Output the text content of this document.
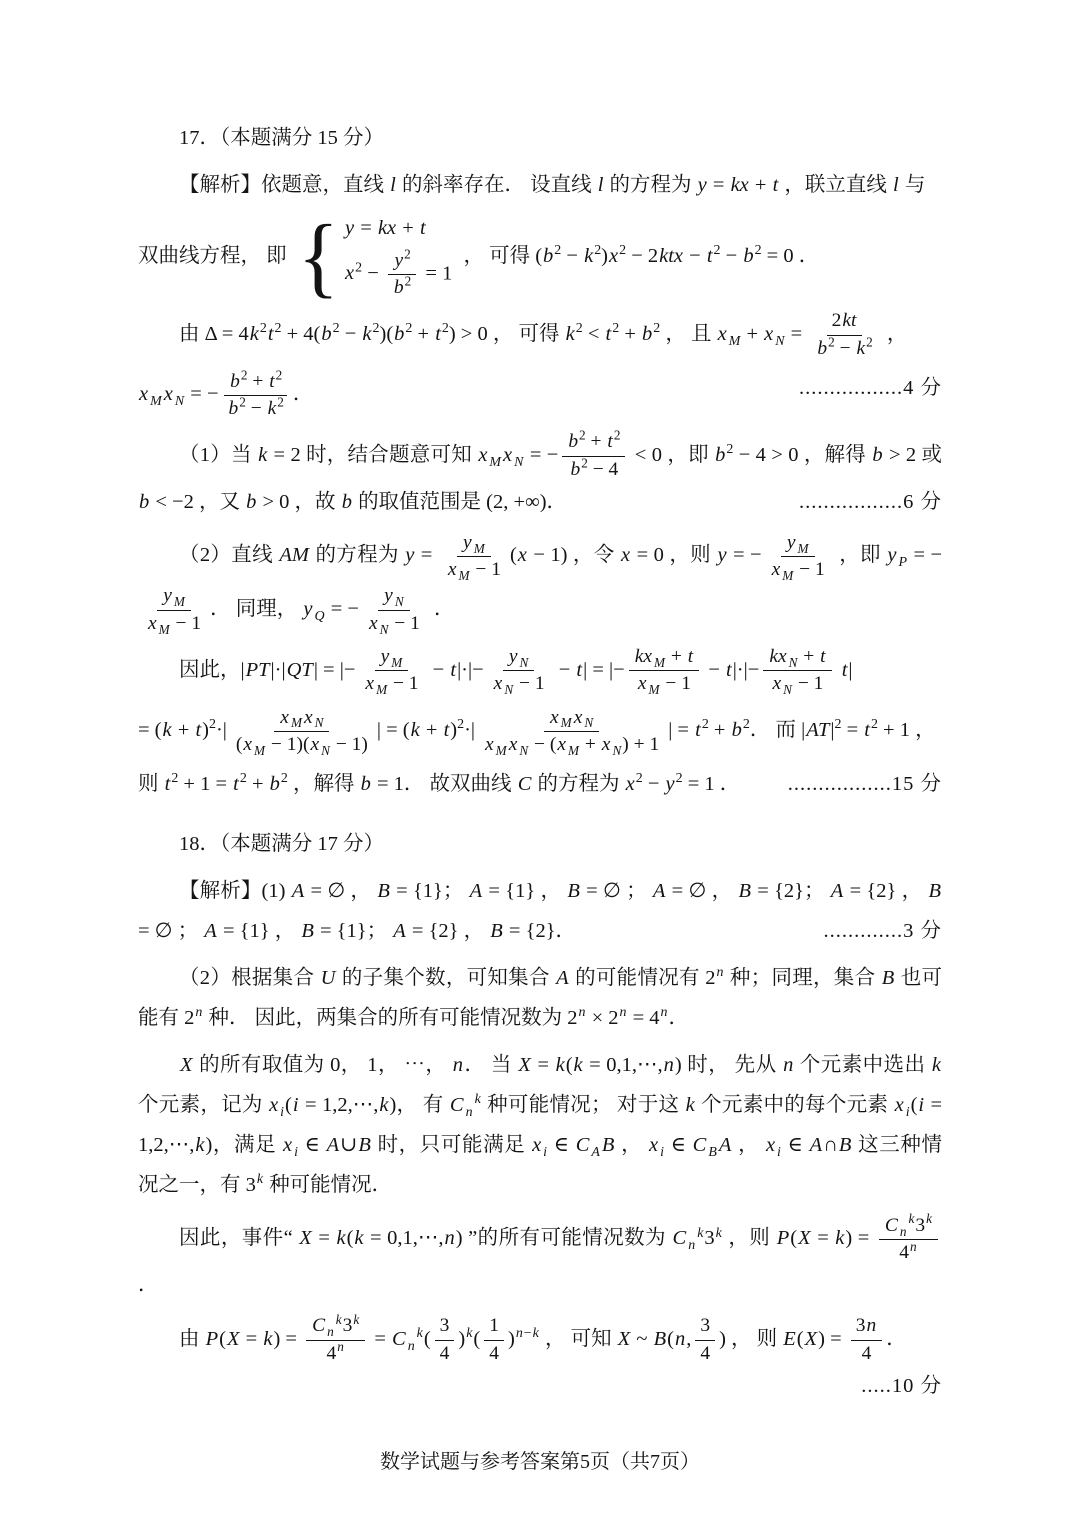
17．（本题满分 15 分）

【解析】依题意，直线 l 的斜率存在． 设直线 l 的方程为 y = kx + t ，联立直线 l 与

双曲线方程， 即 { y = kx + t
$x^2 - \frac{y^2}{b^2} = 1$
， 可得 $(b^2 - k^2)x^2 - 2ktx - t^2 - b^2 = 0$ ．

由 $\Delta = 4k^2t^2 + 4(b^2 - k^2)(b^2 + t^2) > 0$ ， 可得 $k^2 < t^2 + b^2$ ， 且 x $_M$ + x $_N = \frac{2kt}{b^2 - k^2}$ ，

x $_M$x $_N$ = − $\frac{b^2 + t^2}{b^2 - k^2}$ ．	.................4 分

（1）当 k = 2 时，结合题意可知 x $_M$x $_N$ = − $\frac{b^2 + t^2}{b^2 - 4} < 0$ ，即 $b^2 - 4 > 0$ ，解得 b > 2 或 b < −2 ，又 b > 0 ，故 b 的取值范围是 (2, +∞)．	.................6 分

（2）直线 AM 的方程为 $y = \frac{y _M}{x _M - 1} (x - 1)$ ，令 x = 0 ，则 y = − $\frac{y _M}{x _M - 1}$ ，即 y $_P$ = −
$\frac{y _M}{x _M - 1}$ ． 同理， y $_Q$ = − $\frac{y _N}{x _N - 1}$ ．

因此，|PT|·|QT| = |− $\frac{y _M}{x _M - 1} - t|\cdot|- \frac{y _N}{x _N - 1} - t|$ = |− $\frac{kx _M + t}{x _M - 1} - t|\cdot|- \frac{kx _N + t}{x _N - 1} t|$

= $(k + t)^2\cdot| \frac{x _M x _N}{(x _M - 1)(x _N - 1)}$ | = $(k + t)^2\cdot| \frac{x _M x _N}{x _M x _N - (x _M + x _N) + 1}$ | = $t^2 + b^2$． 而 $|AT|^2 = t^2 + 1$ ，

则 $t^2 + 1 = t^2 + b^2$ ，解得 b = 1． 故双曲线 C 的方程为 $x^2 - y^2 = 1$ ． .................15 分

18．（本题满分 17 分）

【解析】(1) A = ∅ ， B = {1}； A = {1} ， B = ∅ ； A = ∅ ， B = {2}； A = {2} ， B = ∅ ； A = {1} ， B = {1}； A = {2} ， B = {2}．	.............3 分

（2）根据集合 U 的子集个数，可知集合 A 的可能情况有 2$^n$ 种；同理，集合 B 也可能有 2$^n$ 种． 因此，两集合的所有可能情况数为 $2^n \times 2^n = 4^n$．

X 的所有取值为 0， 1， ⋯， n． 当 X = k(k = 0,1,⋯,n) 时， 先从 n 个元素中选出 k 个元素，记为 x $_i$(i = 1,2,⋯,k)， 有 C $_n^k$ 种可能情况； 对于这 k 个元素中的每个元素 x $_i$(i = 1,2,⋯,k)，满足 x $_i$ ∈ A∪B 时，只可能满足 x $_i$ ∈ C $_A$B ， x $_i$ ∈ C $_B$A ， x $_i$ ∈ A∩B 这三种情况之一，有 3$^k$ 种可能情况．

因此，事件“ X = k(k = 0,1,⋯,n) ”的所有可能情况数为 C $_n^k$3$^k$ ，则 $P(X = k) = \frac{C _n^k3^k}{4^n}$
．

由 $P(X = k) = \frac{C _n^k3^k}{4^n} = C$ $_n^k( \frac{3}{4} )^k( \frac{1}{4} )^{n-k}$ ， 可知 X ~ B(n, $\frac{3}{4}$ ) ， 则 $E(X) = \frac{3n}{4}$ ．
.....10 分

数学试题与参考答案第5页（共7页）
